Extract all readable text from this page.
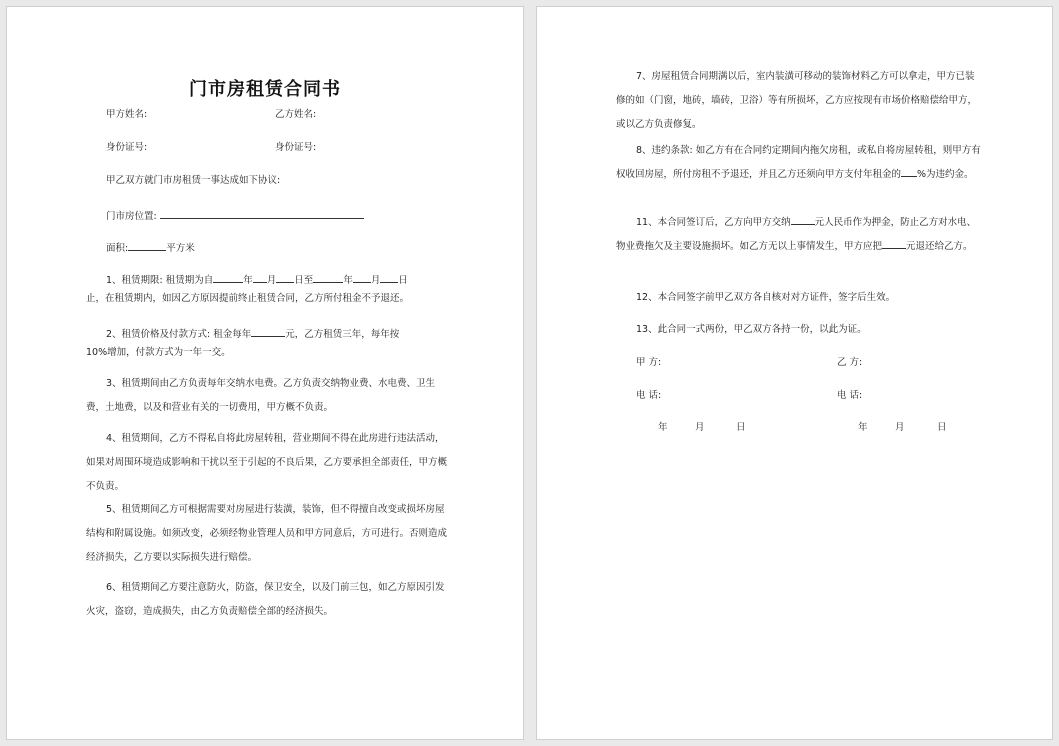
门市房租赁合同书
甲方姓名:	乙方姓名:
身份证号:	身份证号:
甲乙双方就门市房租赁一事达成如下协议:
门市房位置:
面积:	平方米
1、租赁期限: 租赁期为自	年 月 日至	年 月 日
止，在租赁期内，如因乙方原因提前终止租赁合同，乙方所付租金不予退还。
2、租赁价格及付款方式: 租金每年	元，乙方租赁三年，每年按
10%增加，付款方式为一年一交。
3、租赁期间由乙方负责每年交纳水电费。乙方负责交纳物业费、水电费、卫生费，土地费，以及和营业有关的一切费用，甲方概不负责。
4、租赁期间，乙方不得私自将此房屋转租，营业期间不得在此房进行违法活动，如果对周围环境造成影响和干扰以至于引起的不良后果，乙方要承担全部责任，甲方概不负责。
5、租赁期间乙方可根据需要对房屋进行装潢，装饰，但不得擅自改变或损坏房屋结构和附属设施。如须改变，必须经物业管理人员和甲方同意后，方可进行。否则造成经济损失，乙方要以实际损失进行赔偿。
6、租赁期间乙方要注意防火，防盗，保卫安全，以及门前三包，如乙方原因引发火灾，盗窃，造成损失，由乙方负责赔偿全部的经济损失。
7、房屋租赁合同期满以后，室内装潢可移动的装饰材料乙方可以拿走，甲方已装修的如（门窗，地砖，墙砖，卫浴）等有所损坏，乙方应按现有市场价格赔偿给甲方，或以乙方负责修复。
8、违约条款: 如乙方有在合同约定期间内拖欠房租，或私自将房屋转租，则甲方有权收回房屋，所付房租不予退还，并且乙方还须向甲方支付年租金的 %为违约金。
11、本合同签订后，乙方向甲方交纳	元人民币作为押金，防止乙方对水电、物业费拖欠及主要设施损坏。如乙方无以上事情发生，甲方应把	元退还给乙方。
12、本合同签字前甲乙双方各自核对对方证件，签字后生效。
13、此合同一式两份，甲乙双方各持一份，以此为证。
甲 方:	乙 方:
电 话:	电 话:
年	月	日	年	月	日
